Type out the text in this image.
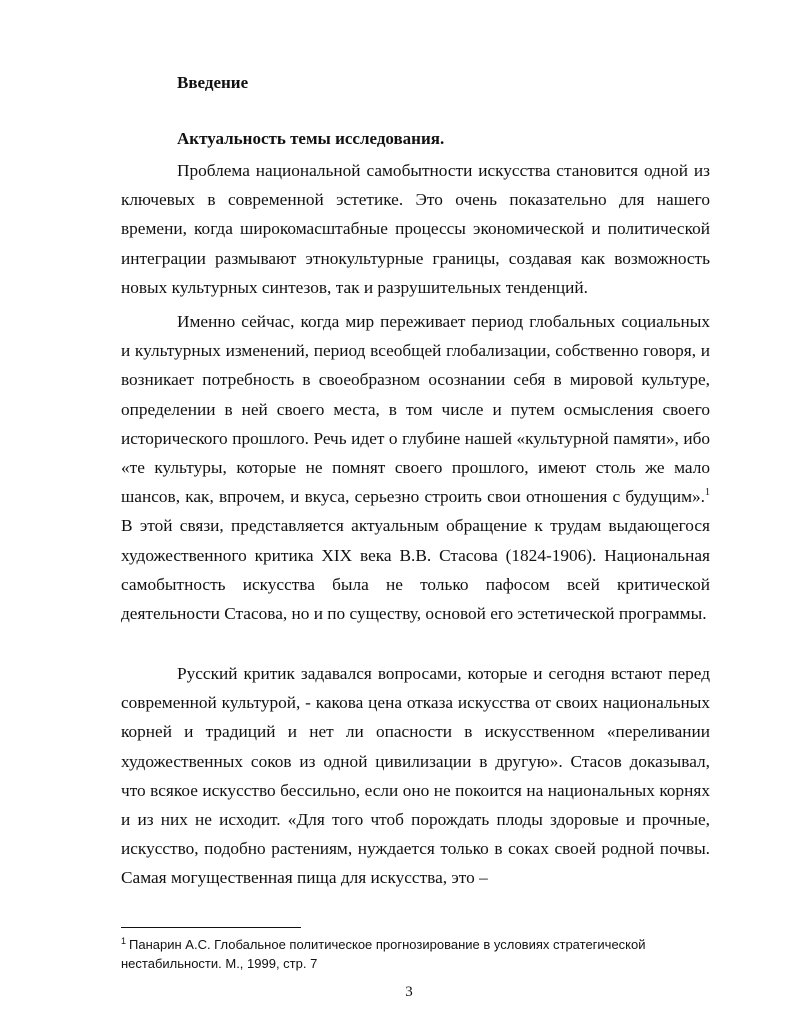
Введение
Актуальность темы исследования.

Проблема национальной самобытности искусства становится одной из ключевых в современной эстетике. Это очень показательно для нашего времени, когда широкомасштабные процессы экономической и политической интеграции размывают этнокультурные границы, создавая как возможность новых культурных синтезов, так и разрушительных тенденций.

Именно сейчас, когда мир переживает период глобальных социальных и культурных изменений, период всеобщей глобализации, собственно говоря, и возникает потребность в своеобразном осознании себя в мировой культуре, определении в ней своего места, в том числе и путем осмысления своего исторического прошлого. Речь идет о глубине нашей «культурной памяти», ибо «те культуры, которые не помнят своего прошлого, имеют столь же мало шансов, как, впрочем, и вкуса, серьезно строить свои отношения с будущим».$^1$ В этой связи, представляется актуальным обращение к трудам выдающегося художественного критика XIX века В.В. Стасова (1824-1906). Национальная самобытность искусства была не только пафосом всей критической деятельности Стасова, но и по существу, основой его эстетической программы.

Русский критик задавался вопросами, которые и сегодня встают перед современной культурой, - какова цена отказа искусства от своих национальных корней и традиций и нет ли опасности в искусственном «переливании художественных соков из одной цивилизации в другую». Стасов доказывал, что всякое искусство бессильно, если оно не покоится на национальных корнях и из них не исходит. «Для того чтоб порождать плоды здоровые и прочные, искусство, подобно растениям, нуждается только в соках своей родной почвы. Самая могущественная пища для искусства, это –

$^1$ Панарин А.С. Глобальное политическое прогнозирование в условиях стратегической нестабильности. М., 1999, стр. 7

3
